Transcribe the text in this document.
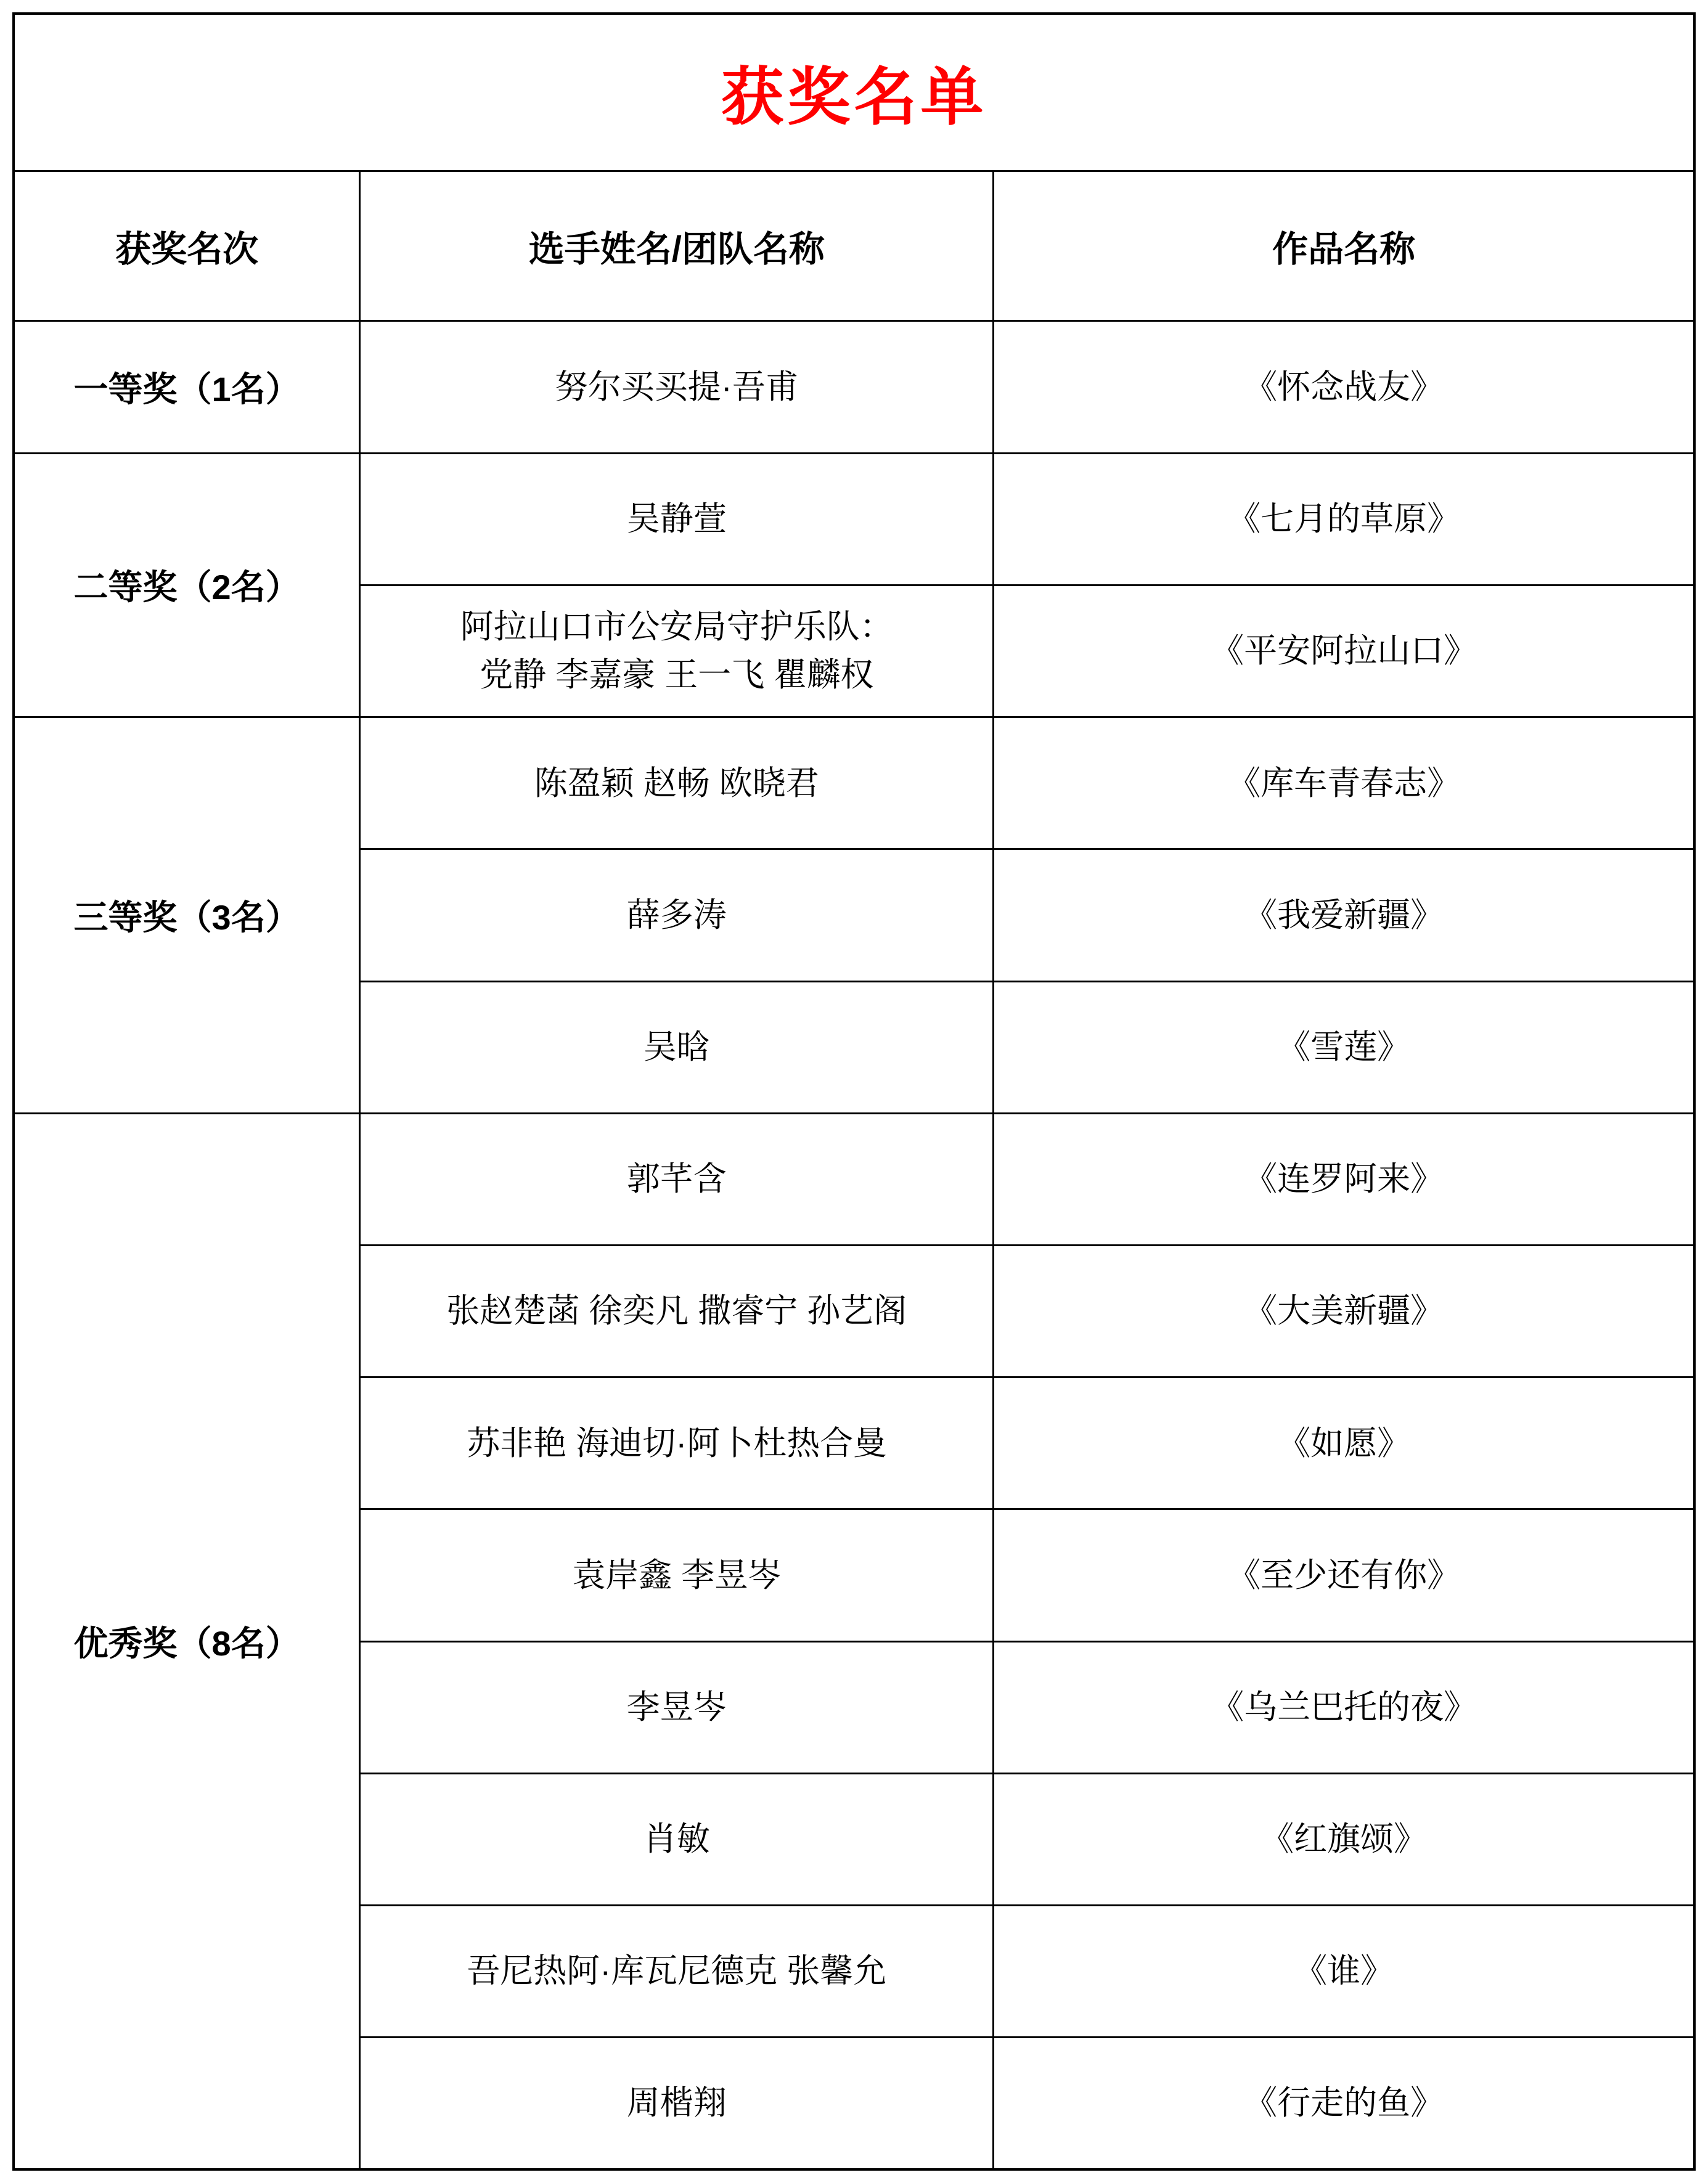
获奖名单		
获奖名次	选手姓名/团队名称	作品名称
一等奖（1名）	努尔买买提·吾甫	《怀念战友》
二等奖（2名）	吴静萱	《七月的草原》

	阿拉山口市公安局守护乐队：
党静 李嘉豪 王一飞 瞿麟权	《平安阿拉山口》
三等奖（3名）	陈盈颖 赵畅 欧晓君	《库车青春志》

	薛多涛	《我爱新疆》

	吴晗	《雪莲》
优秀奖（8名）	郭芊含	《连罗阿来》

	张赵楚菡 徐奕凡 撒睿宁 孙艺阁	《大美新疆》

	苏非艳 海迪切·阿卜杜热合曼	《如愿》

	袁岸鑫 李昱岑	《至少还有你》

	李昱岑	《乌兰巴托的夜》

	肖敏	《红旗颂》

	吾尼热阿·库瓦尼德克 张馨允	《谁》

	周楷翔	《行走的鱼》
